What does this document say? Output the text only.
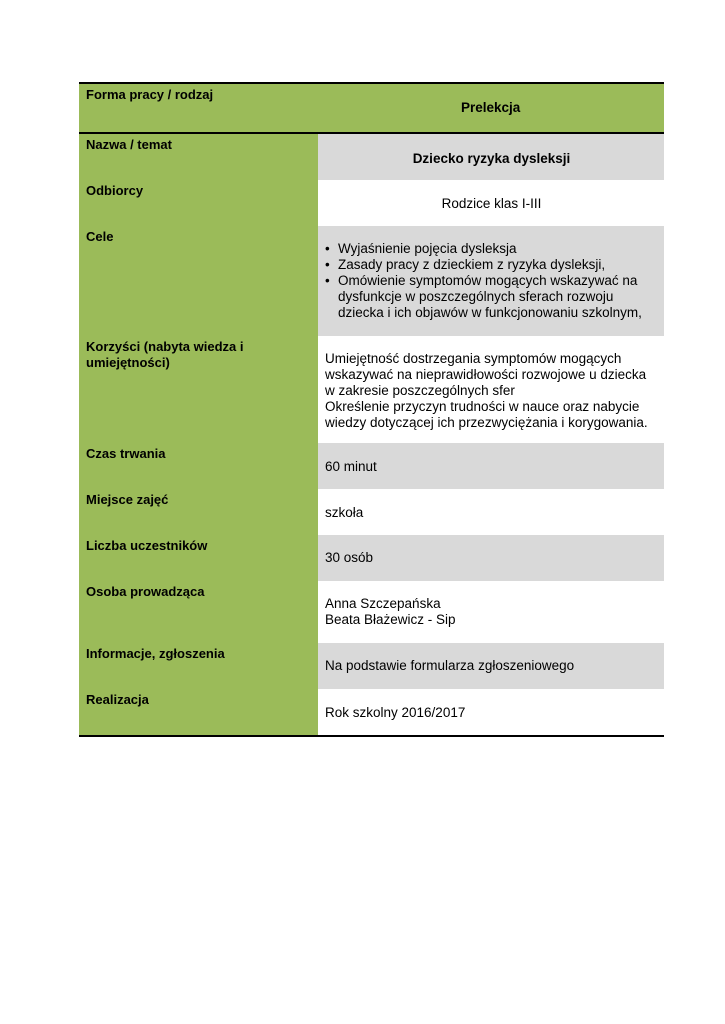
Forma pracy / rodzaj
Prelekcja
Nazwa / temat
Dziecko ryzyka dysleksji
Odbiorcy
Rodzice klas I-III
Cele
• Wyjaśnienie pojęcia dysleksja
• Zasady pracy z dzieckiem z ryzyka dysleksji,
• Omówienie symptomów mogących wskazywać na dysfunkcje w poszczególnych sferach rozwoju dziecka i ich objawów w funkcjonowaniu szkolnym,
Korzyści (nabyta wiedza i umiejętności)	Umiejętność dostrzegania symptomów mogących wskazywać na nieprawidłowości rozwojowe u dziecka w zakresie poszczególnych sfer
Określenie przyczyn trudności w nauce oraz nabycie wiedzy dotyczącej ich przezwyciężania i korygowania.
Czas trwania
60 minut
Miejsce zajęć
szkoła
Liczba uczestników
30 osób
Osoba prowadząca
Anna Szczepańska
Beata Błażewicz - Sip
Informacje, zgłoszenia
Na podstawie formularza zgłoszeniowego
Realizacja
Rok szkolny 2016/2017
